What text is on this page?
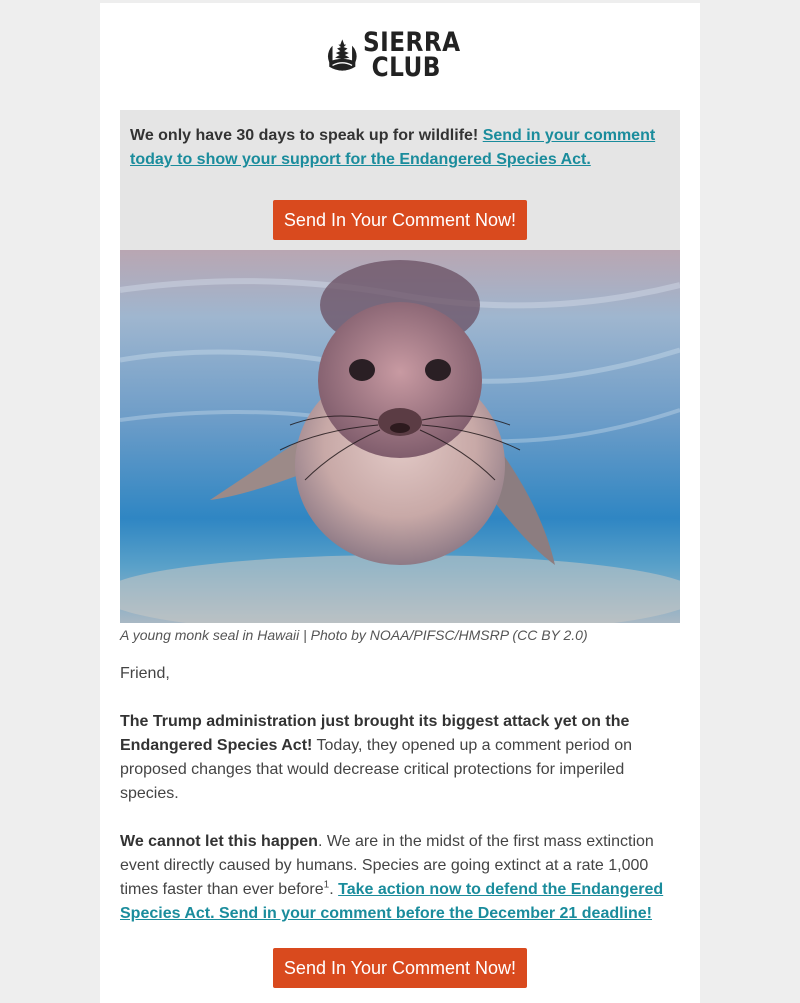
SIERRA
CLUB
We only have 30 days to speak up for wildlife! Send in your comment today to show your support for the Endangered Species Act.
Send In Your Comment Now!
A young monk seal in Hawaii | Photo by NOAA/PIFSC/HMSRP (CC BY 2.0)
Friend,
The Trump administration just brought its biggest attack yet on the Endangered Species Act! Today, they opened up a comment period on proposed changes that would decrease critical protections for imperiled species.
We cannot let this happen. We are in the midst of the first mass extinction event directly caused by humans. Species are going extinct at a rate 1,000 times faster than ever before$^1$. Take action now to defend the Endangered Species Act. Send in your comment before the December 21 deadline!
Send In Your Comment Now!
